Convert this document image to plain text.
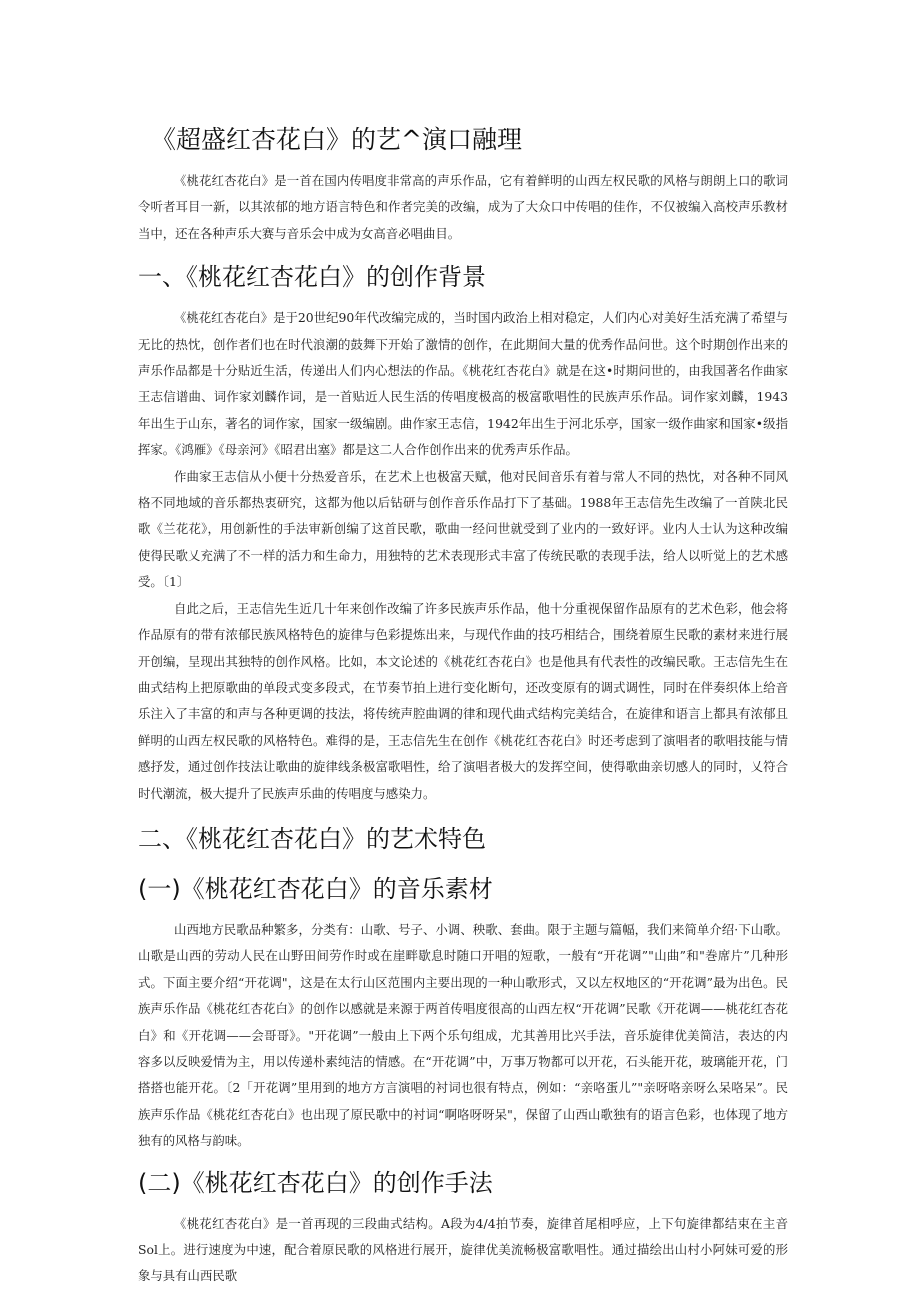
《超盛红杏花白》的艺^演口融理

《桃花红杏花白》是一首在国内传唱度非常高的声乐作品，它有着鲜明的山西左权民歌的风格与朗朗上口的歌词令听者耳目一新，以其浓郁的地方语言特色和作者完美的改编，成为了大众口中传唱的佳作，不仅被编入高校声乐教材当中，还在各种声乐大赛与音乐会中成为女高音必唱曲目。

一、《桃花红杏花白》的创作背景

《桃花红杏花白》是于20世纪90年代改编完成的，当时国内政治上相对稳定，人们内心对美好生活充满了希望与无比的热忱，创作者们也在时代浪潮的鼓舞下开始了激情的创作，在此期间大量的优秀作品问世。这个时期创作出来的声乐作品都是十分贴近生活，传递出人们内心想法的作品。《桃花红杏花白》就是在这•时期问世的，由我国著名作曲家王志信谱曲、词作家刘麟作词，是一首贴近人民生活的传唱度极高的极富歌唱性的民族声乐作品。词作家刘麟，1943年出生于山东，著名的词作家，国家一级编剧。曲作家王志信，1942年出生于河北乐亭，国家一级作曲家和国家•级指挥家。《鸿雁》《母亲河》《昭君出塞》都是这二人合作创作出来的优秀声乐作品。

作曲家王志信从小便十分热爱音乐，在艺术上也极富天赋，他对民间音乐有着与常人不同的热忱，对各种不同风格不同地域的音乐都热衷研究，这都为他以后钻研与创作音乐作品打下了基础。1988年王志信先生改编了一首陕北民歌《兰花花》，用创新性的手法审新创编了这首民歌，歌曲一经问世就受到了业内的一致好评。业内人士认为这种改编使得民歌乂充满了不一样的活力和生命力，用独特的艺术表现形式丰富了传统民歌的表现手法，给人以听觉上的艺术感受。〔1〕

自此之后，王志信先生近几十年来创作改编了许多民族声乐作品，他十分重视保留作品原有的艺术色彩，他会将作品原有的带有浓郁民族风格特色的旋律与色彩提炼出来，与现代作曲的技巧相结合，围绕着原生民歌的素材来进行展开创编，呈现出其独特的创作风格。比如，本文论述的《桃花红杏花白》也是他具有代表性的改编民歌。王志信先生在曲式结构上把原歌曲的单段式变多段式，在节奏节拍上进行变化断句，还改变原有的调式调性，同时在伴奏织体上给音乐注入了丰富的和声与各种更调的技法，将传统声腔曲调的律和现代曲式结构完美结合，在旋律和语言上都具有浓郁且鲜明的山西左权民歌的风格特色。难得的是，王志信先生在创作《桃花红杏花白》时还考虑到了演唱者的歌唱技能与情感抒发，通过创作技法让歌曲的旋律线条极富歌唱性，给了演唱者极大的发挥空间，使得歌曲亲切感人的同时，乂符合时代潮流，极大提升了民族声乐曲的传唱度与感染力。

二、《桃花红杏花白》的艺术特色
(一)《桃花红杏花白》的音乐素材

山西地方民歌品种繁多，分类有：山歌、号子、小调、秧歌、套曲。限于主题与篇幅，我们来简单介绍·下山歌。山歌是山西的劳动人民在山野田间劳作时或在崖畔歇息时随口开唱的短歌，一般有“开花调”"山曲”和"巻席片”几种形式。下面主要介绍“开花调"，这是在太行山区范围内主要出现的一种山歌形式，又以左权地区的“开花调”最为出色。民族声乐作品《桃花红杏花白》的创作以感就是来源于两首传唱度很高的山西左权“开花调”民歌《开花调——桃花红杏花白》和《开花调——会哥哥》。"开花调”一般由上下两个乐句组成，尤其善用比兴手法，音乐旋律优美简洁，表达的内容多以反映爱情为主，用以传递朴素纯洁的情感。在“开花调”中，万事万物都可以开花，石头能开花，玻璃能开花，门搭搭也能开花。〔2「开花调”里用到的地方方言演唱的衬词也很有特点，例如：“亲咯蛋儿”"亲呀咯亲呀么呆咯呆”。民族声乐作品《桃花红杏花白》也出现了原民歌中的衬词“啊咯呀呀呆"，保留了山西山歌独有的语言色彩，也体现了地方独有的风格与韵味。

(二)《桃花红杏花白》的创作手法

《桃花红杏花白》是一首再现的三段曲式结构。A段为4/4拍节奏，旋律首尾相呼应，上下句旋律都结束在主音Sol上。进行速度为中速，配合着原民歌的风格进行展开，旋律优美流畅极富歌唱性。通过描绘出山村小阿妹可爱的形象与具有山西民歌
